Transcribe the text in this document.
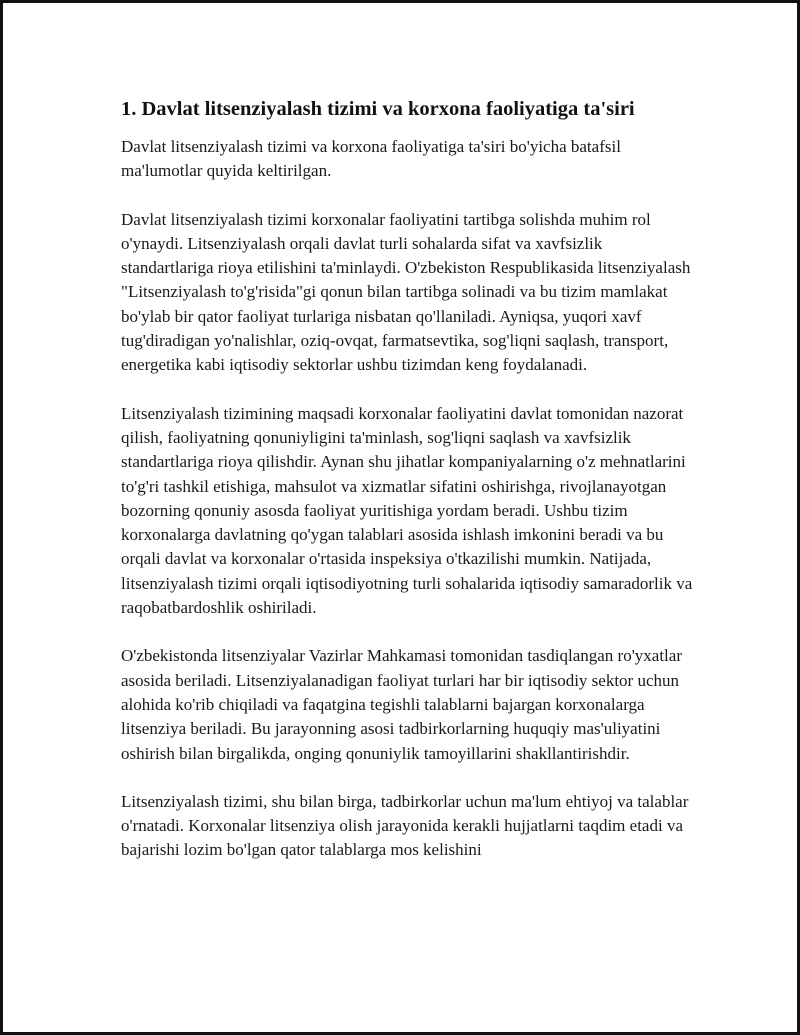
1. Davlat litsenziyalash tizimi va korxona faoliyatiga ta'siri

Davlat litsenziyalash tizimi va korxona faoliyatiga ta'siri bo'yicha batafsil ma'lumotlar quyida keltirilgan.

Davlat litsenziyalash tizimi korxonalar faoliyatini tartibga solishda muhim rol o'ynaydi. Litsenziyalash orqali davlat turli sohalarda sifat va xavfsizlik standartlariga rioya etilishini ta'minlaydi. O'zbekiston Respublikasida litsenziyalash "Litsenziyalash to'g'risida"gi qonun bilan tartibga solinadi va bu tizim mamlakat bo'ylab bir qator faoliyat turlariga nisbatan qo'llaniladi. Ayniqsa, yuqori xavf tug'diradigan yo'nalishlar, oziq-ovqat, farmatsevtika, sog'liqni saqlash, transport, energetika kabi iqtisodiy sektorlar ushbu tizimdan keng foydalanadi.

Litsenziyalash tizimining maqsadi korxonalar faoliyatini davlat tomonidan nazorat qilish, faoliyatning qonuniyligini ta'minlash, sog'liqni saqlash va xavfsizlik standartlariga rioya qilishdir. Aynan shu jihatlar kompaniyalarning o'z mehnatlarini to'g'ri tashkil etishiga, mahsulot va xizmatlar sifatini oshirishga, rivojlanayotgan bozorning qonuniy asosda faoliyat yuritishiga yordam beradi. Ushbu tizim korxonalarga davlatning qo'ygan talablari asosida ishlash imkonini beradi va bu orqali davlat va korxonalar o'rtasida inspeksiya o'tkazilishi mumkin. Natijada, litsenziyalash tizimi orqali iqtisodiyotning turli sohalarida iqtisodiy samaradorlik va raqobatbardoshlik oshiriladi.

O'zbekistonda litsenziyalar Vazirlar Mahkamasi tomonidan tasdiqlangan ro'yxatlar asosida beriladi. Litsenziyalanadigan faoliyat turlari har bir iqtisodiy sektor uchun alohida ko'rib chiqiladi va faqatgina tegishli talablarni bajargan korxonalarga litsenziya beriladi. Bu jarayonning asosi tadbirkorlarning huquqiy mas'uliyatini oshirish bilan birgalikda, onging qonuniylik tamoyillarini shakllantirishdir.

Litsenziyalash tizimi, shu bilan birga, tadbirkorlar uchun ma'lum ehtiyoj va talablar o'rnatadi. Korxonalar litsenziya olish jarayonida kerakli hujjatlarni taqdim etadi va bajarishi lozim bo'lgan qator talablarga mos kelishini
